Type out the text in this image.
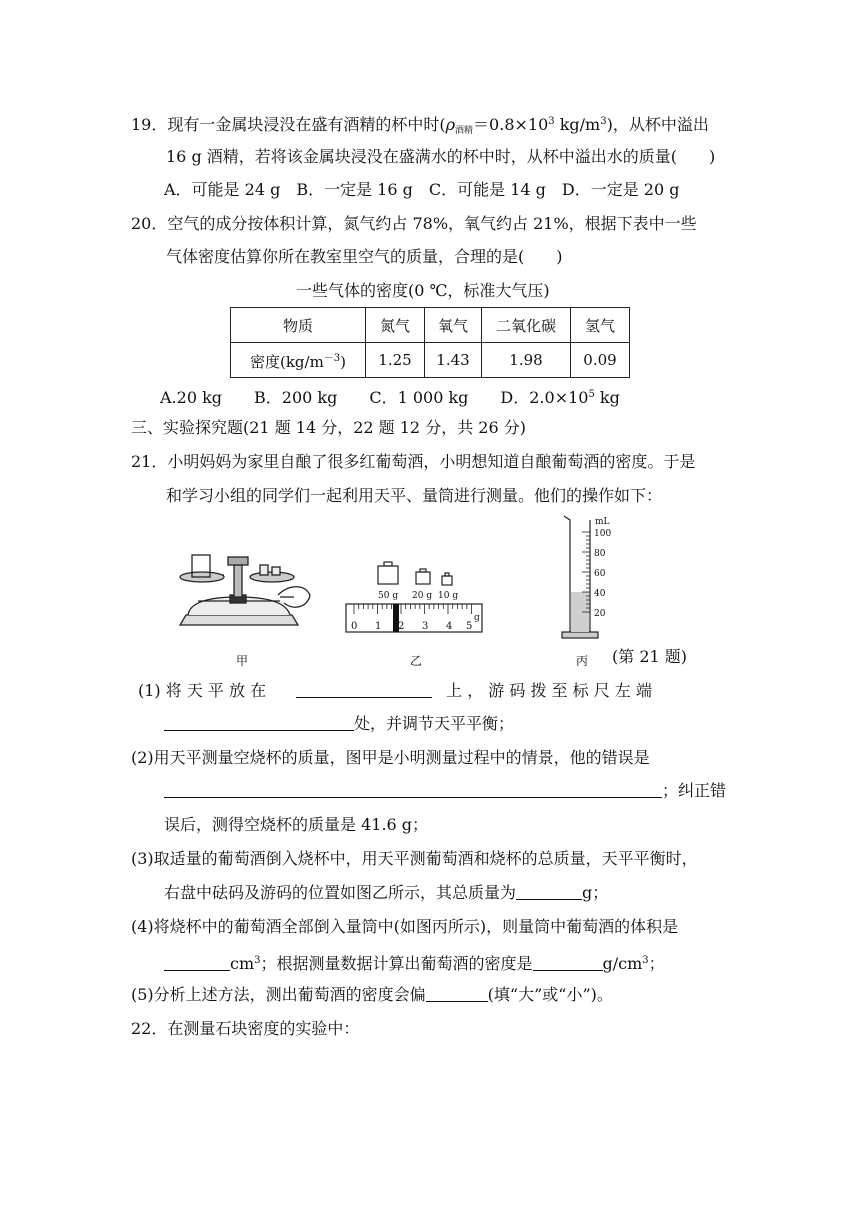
19．现有一金属块浸没在盛有酒精的杯中时($\rho_{酒精}=0.8\times 10^3$ $kg/m^3$)，从杯中溢出
16 g 酒精，若将该金属块浸没在盛满水的杯中时，从杯中溢出水的质量(　　)
A．可能是 24 g　B．一定是 16 g　C．可能是 14 g　D．一定是 20 g
20．空气的成分按体积计算，氮气约占 78%，氧气约占 21%，根据下表中一些
气体密度估算你所在教室里空气的质量，合理的是(　　)
一些气体的密度(0 ℃，标准大气压)
物质	氮气	氧气	二氧化碳	氢气
密度$(kg/m^{-3})$	1.25	1.43	1.98	0.09
A.20 kg　　B．200 kg　　C．1 000 kg　　D．$2.0\times 10^5$ kg
三、实验探究题(21 题 14 分，22 题 12 分，共 26 分)
21．小明妈妈为家里自酿了很多红葡萄酒，小明想知道自酿葡萄酒的密度。于是
和学习小组的同学们一起利用天平、量筒进行测量。他们的操作如下：
甲
50 g 20 g 10 g
0 1 2 3 4 5
g
乙
mL
100
80
60
40
20
丙 (第 21 题)
(1) 将 天 平 放 在	上 ， 游 码 拨 至 标 尺 左 端
处，并调节天平平衡；
(2)用天平测量空烧杯的质量，图甲是小明测量过程中的情景，他的错误是
；纠正错
误后，测得空烧杯的质量是 41.6 g；
(3)取适量的葡萄酒倒入烧杯中，用天平测葡萄酒和烧杯的总质量，天平平衡时，
右盘中砝码及游码的位置如图乙所示，其总质量为	g；
(4)将烧杯中的葡萄酒全部倒入量筒中(如图丙所示)，则量筒中葡萄酒的体积是
$cm^3$；根据测量数据计算出葡萄酒的密度是	$g/cm^3$；
(5)分析上述方法，测出葡萄酒的密度会偏	(填“大”或“小”)。
22．在测量石块密度的实验中：
